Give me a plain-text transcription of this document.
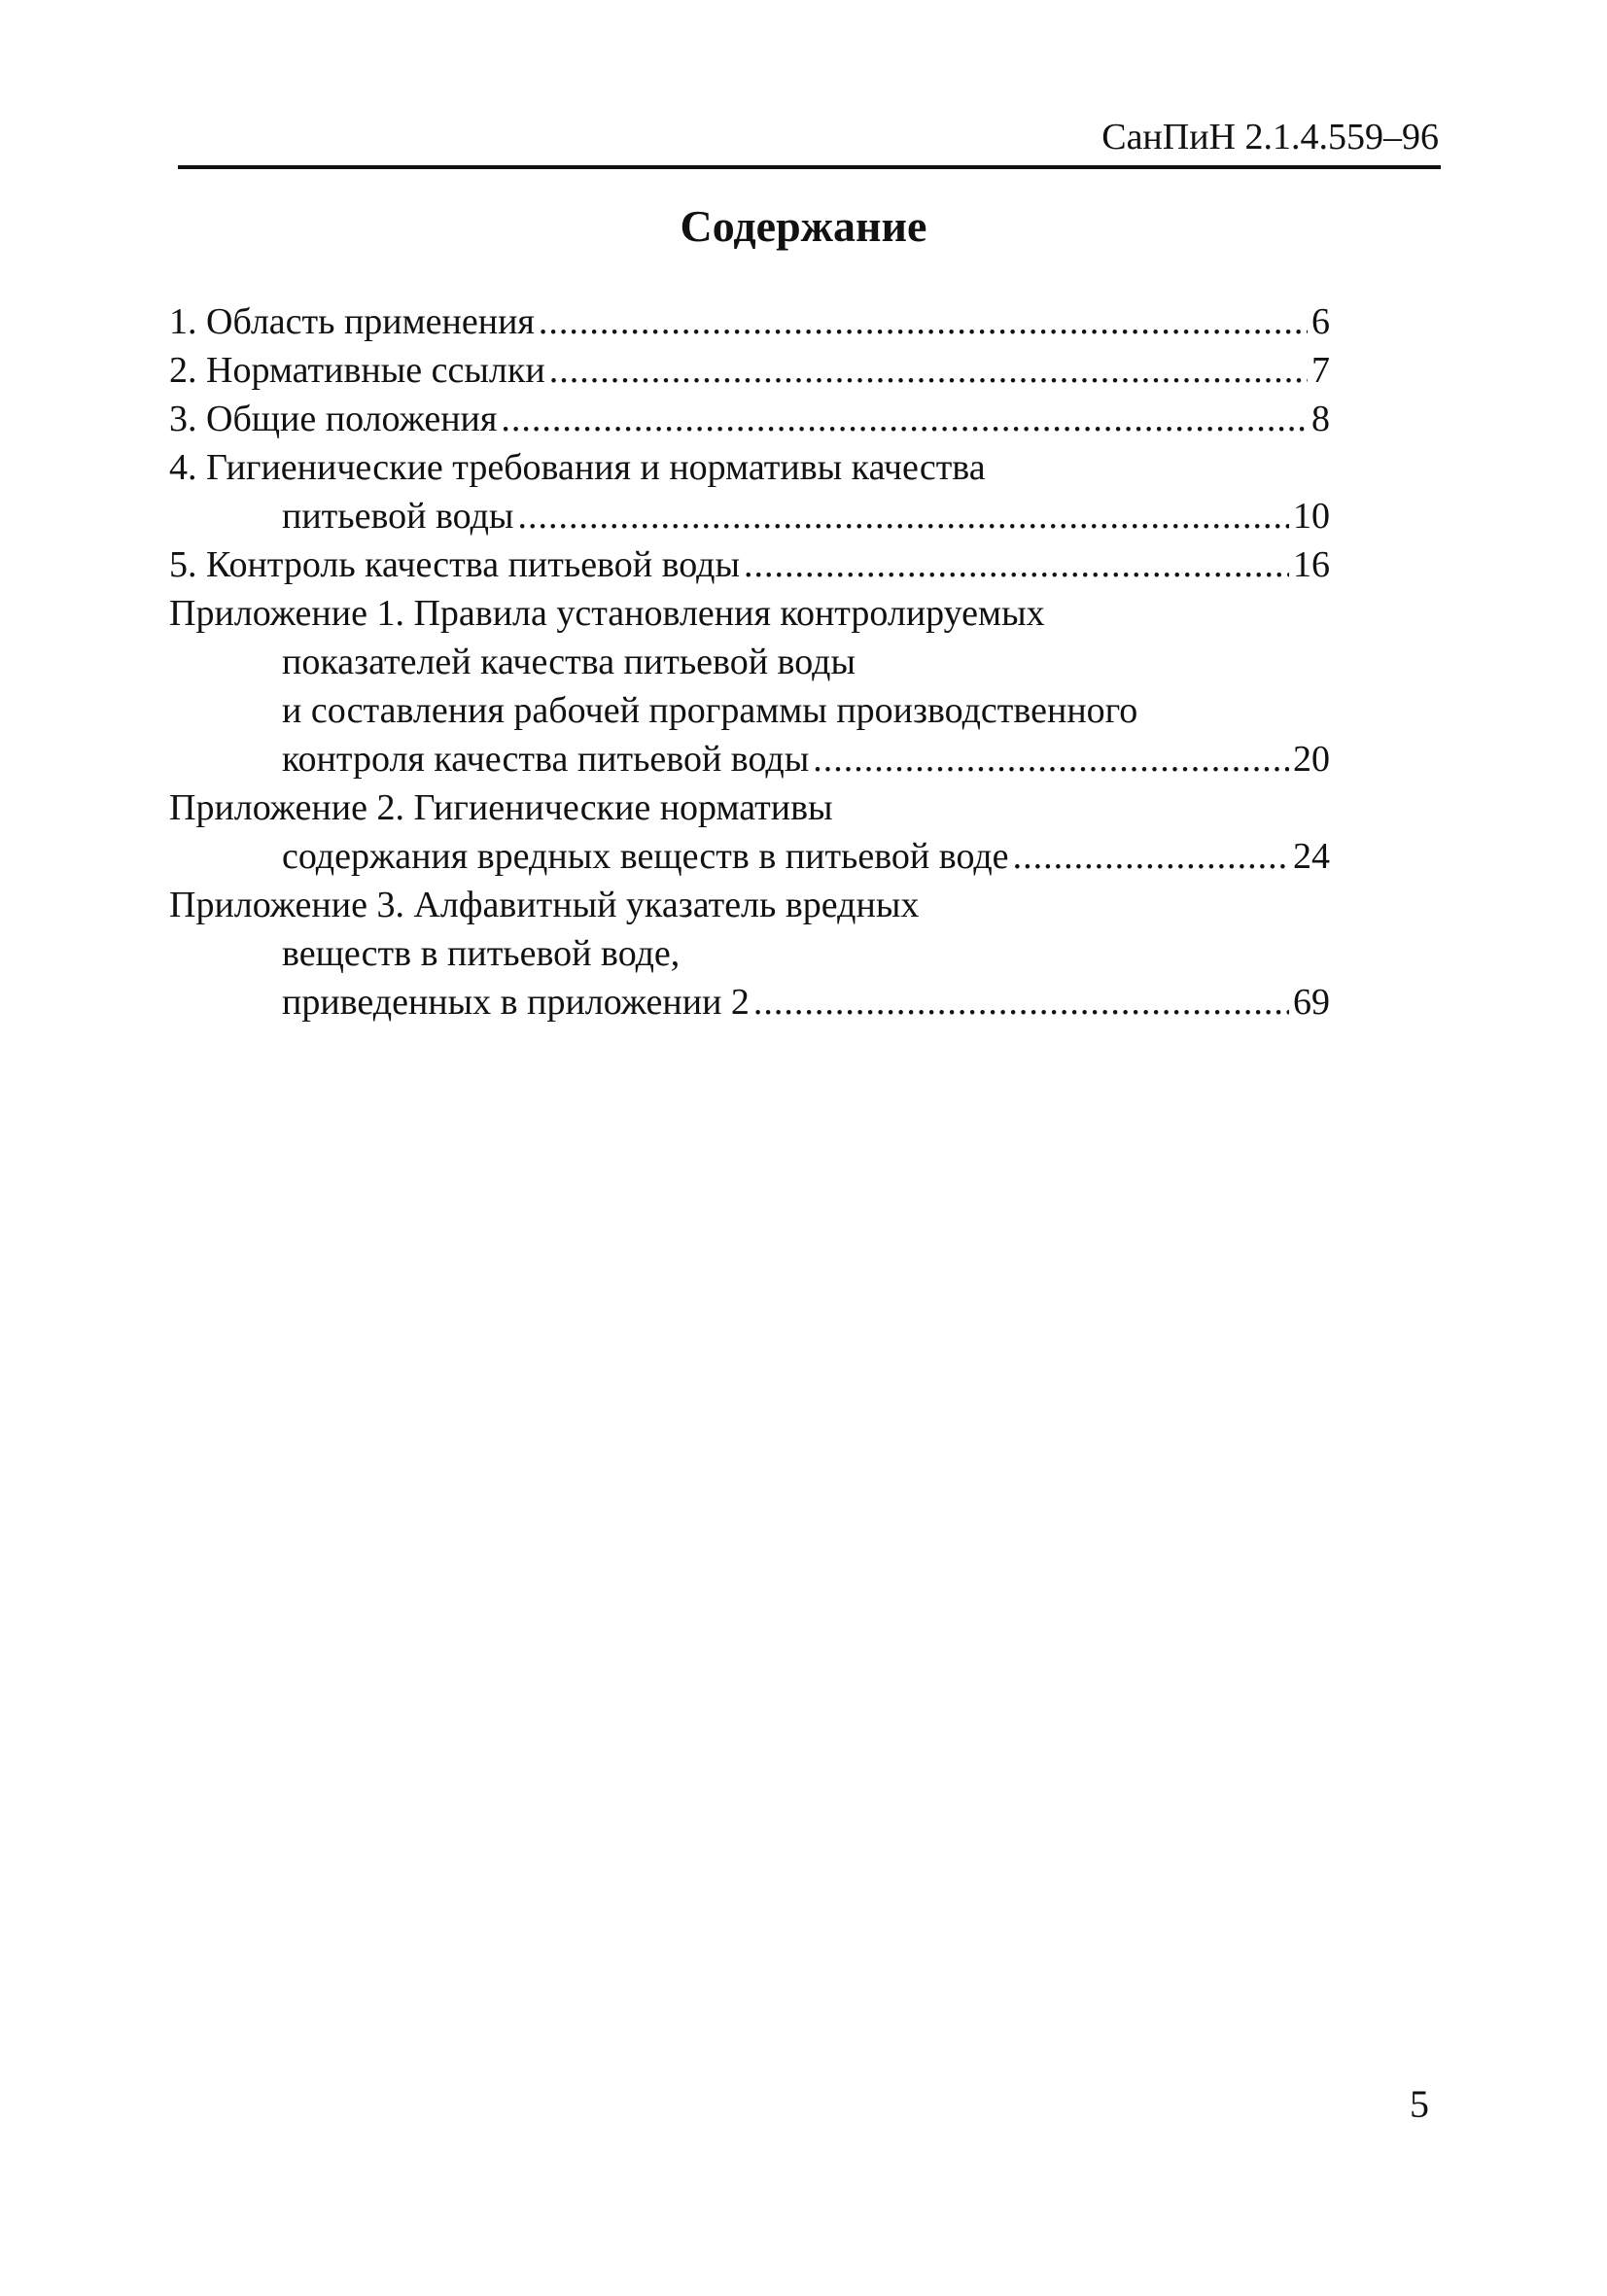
СанПиН 2.1.4.559–96
Содержание
1. Область применения .....	6
2. Нормативные ссылки .....	7
3. Общие положения .....	8
4. Гигиенические требования и нормативы качества
питьевой воды .....	10
5. Контроль качества питьевой воды .....	16
Приложение 1. Правила установления контролируемых
показателей качества питьевой воды
и составления рабочей программы производственного
контроля качества питьевой воды .....	20
Приложение 2. Гигиенические нормативы
содержания вредных веществ в питьевой воде .....	24
Приложение 3. Алфавитный указатель вредных
веществ в питьевой воде,
приведенных в приложении 2 .....	69
5
